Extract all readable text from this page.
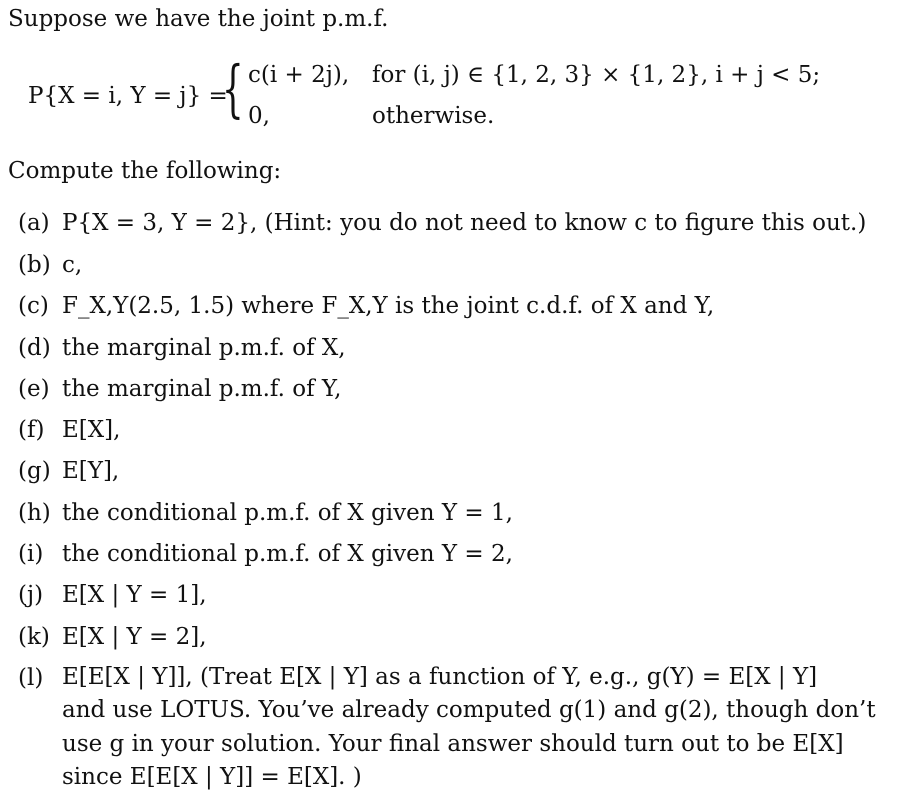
Suppose we have the joint p.m.f.
P{X = i, Y = j} =
{ c(i + 2j), for (i, j) ∈ {1, 2, 3} × {1, 2}, i + j < 5;
0,	otherwise.
Compute the following:
(a) P{X = 3, Y = 2}, (Hint: you do not need to know c to figure this out.)
(b) c,
(c) F_X,Y(2.5, 1.5) where F_X,Y is the joint c.d.f. of X and Y,
(d) the marginal p.m.f. of X,
(e) the marginal p.m.f. of Y,
(f) E[X],
(g) E[Y],
(h) the conditional p.m.f. of X given Y = 1,
(i) the conditional p.m.f. of X given Y = 2,
(j) E[X | Y = 1],
(k) E[X | Y = 2],
(l) E[E[X | Y]], (Treat E[X | Y] as a function of Y, e.g., g(Y) = E[X | Y]
and use LOTUS. You’ve already computed g(1) and g(2), though don’t
use g in your solution. Your final answer should turn out to be E[X]
since E[E[X | Y]] = E[X]. )
